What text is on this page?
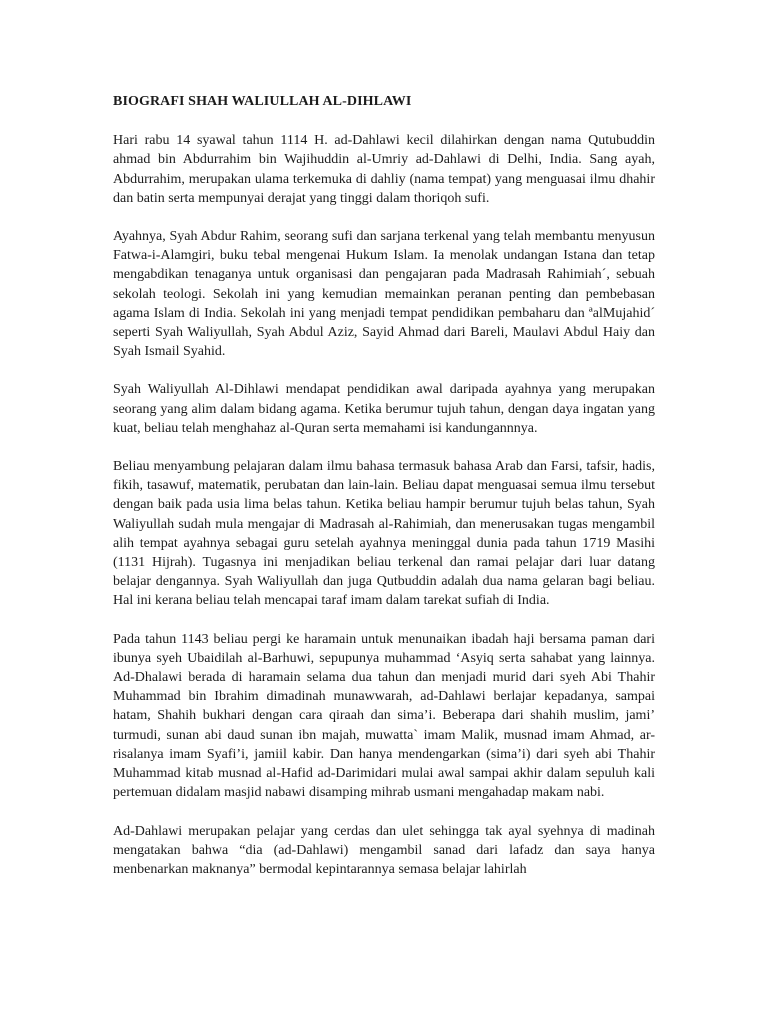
BIOGRAFI SHAH WALIULLAH AL-DIHLAWI

Hari rabu 14 syawal tahun 1114 H. ad-Dahlawi kecil dilahirkan dengan nama Qutubuddin ahmad bin Abdurrahim bin Wajihuddin al-Umriy ad-Dahlawi di Delhi, India. Sang ayah, Abdurrahim, merupakan ulama terkemuka di dahliy (nama tempat) yang menguasai ilmu dhahir dan batin serta mempunyai derajat yang tinggi dalam thoriqoh sufi.

Ayahnya, Syah Abdur Rahim, seorang sufi dan sarjana terkenal yang telah membantu menyusun Fatwa-i-Alamgiri, buku tebal mengenai Hukum Islam. Ia menolak undangan Istana dan tetap mengabdikan tenaganya untuk organisasi dan pengajaran pada Madrasah Rahimiah´, sebuah sekolah teologi. Sekolah ini yang kemudian memainkan peranan penting dan pembebasan agama Islam di India. Sekolah ini yang menjadi tempat pendidikan pembaharu dan ªalMujahid´ seperti Syah Waliyullah, Syah Abdul Aziz, Sayid Ahmad dari Bareli, Maulavi Abdul Haiy dan Syah Ismail Syahid.

Syah Waliyullah Al-Dihlawi mendapat pendidikan awal daripada ayahnya yang merupakan seorang yang alim dalam bidang agama. Ketika berumur tujuh tahun, dengan daya ingatan yang kuat, beliau telah menghahaz al-Quran serta memahami isi kandungannnya.

Beliau menyambung pelajaran dalam ilmu bahasa termasuk bahasa Arab dan Farsi, tafsir, hadis, fikih, tasawuf, matematik, perubatan dan lain-lain. Beliau dapat menguasai semua ilmu tersebut dengan baik pada usia lima belas tahun. Ketika beliau hampir berumur tujuh belas tahun, Syah Waliyullah sudah mula mengajar di Madrasah al-Rahimiah, dan menerusakan tugas mengambil alih tempat ayahnya sebagai guru setelah ayahnya meninggal dunia pada tahun 1719 Masihi (1131 Hijrah). Tugasnya ini menjadikan beliau terkenal dan ramai pelajar dari luar datang belajar dengannya. Syah Waliyullah dan juga Qutbuddin adalah dua nama gelaran bagi beliau. Hal ini kerana beliau telah mencapai taraf imam dalam tarekat sufiah di India.

Pada tahun 1143 beliau pergi ke haramain untuk menunaikan ibadah haji bersama paman dari ibunya syeh Ubaidilah al-Barhuwi, sepupunya muhammad ‘Asyiq serta sahabat yang lainnya. Ad-Dhalawi berada di haramain selama dua tahun dan menjadi murid dari syeh Abi Thahir Muhammad bin Ibrahim dimadinah munawwarah, ad-Dahlawi berlajar kepadanya, sampai hatam, Shahih bukhari dengan cara qiraah dan sima’i. Beberapa dari shahih muslim, jami’ turmudi, sunan abi daud sunan ibn majah, muwatta` imam Malik, musnad imam Ahmad, ar-risalanya imam Syafi’i, jamiil kabir. Dan hanya mendengarkan (sima’i) dari syeh abi Thahir Muhammad kitab musnad al-Hafid ad-Darimidari mulai awal sampai akhir dalam sepuluh kali pertemuan didalam masjid nabawi disamping mihrab usmani mengahadap makam nabi.

Ad-Dahlawi merupakan pelajar yang cerdas dan ulet sehingga tak ayal syehnya di madinah mengatakan bahwa “dia (ad-Dahlawi) mengambil sanad dari lafadz dan saya hanya menbenarkan maknanya” bermodal kepintarannya semasa belajar lahirlah
